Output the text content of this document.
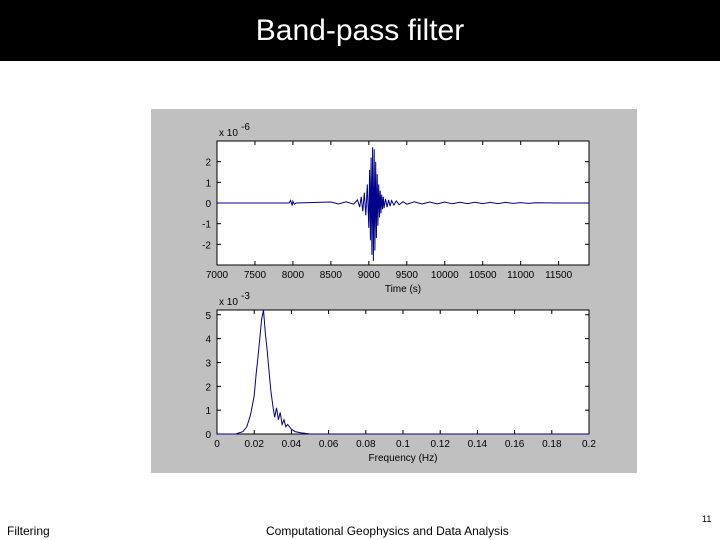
Band-pass filter
7000 7500 8000 8500 9000 9500 10000 10500 11000 11500
2
1
0
-1
-2
x 10
-6
Time (s)
0 0.02 0.04 0.06 0.08 0.1 0.12 0.14 0.16 0.18 0.2
0
1
2
3
4
5
x 10
-3
Frequency (Hz)
Filtering	Computational Geophysics and Data Analysis
11
